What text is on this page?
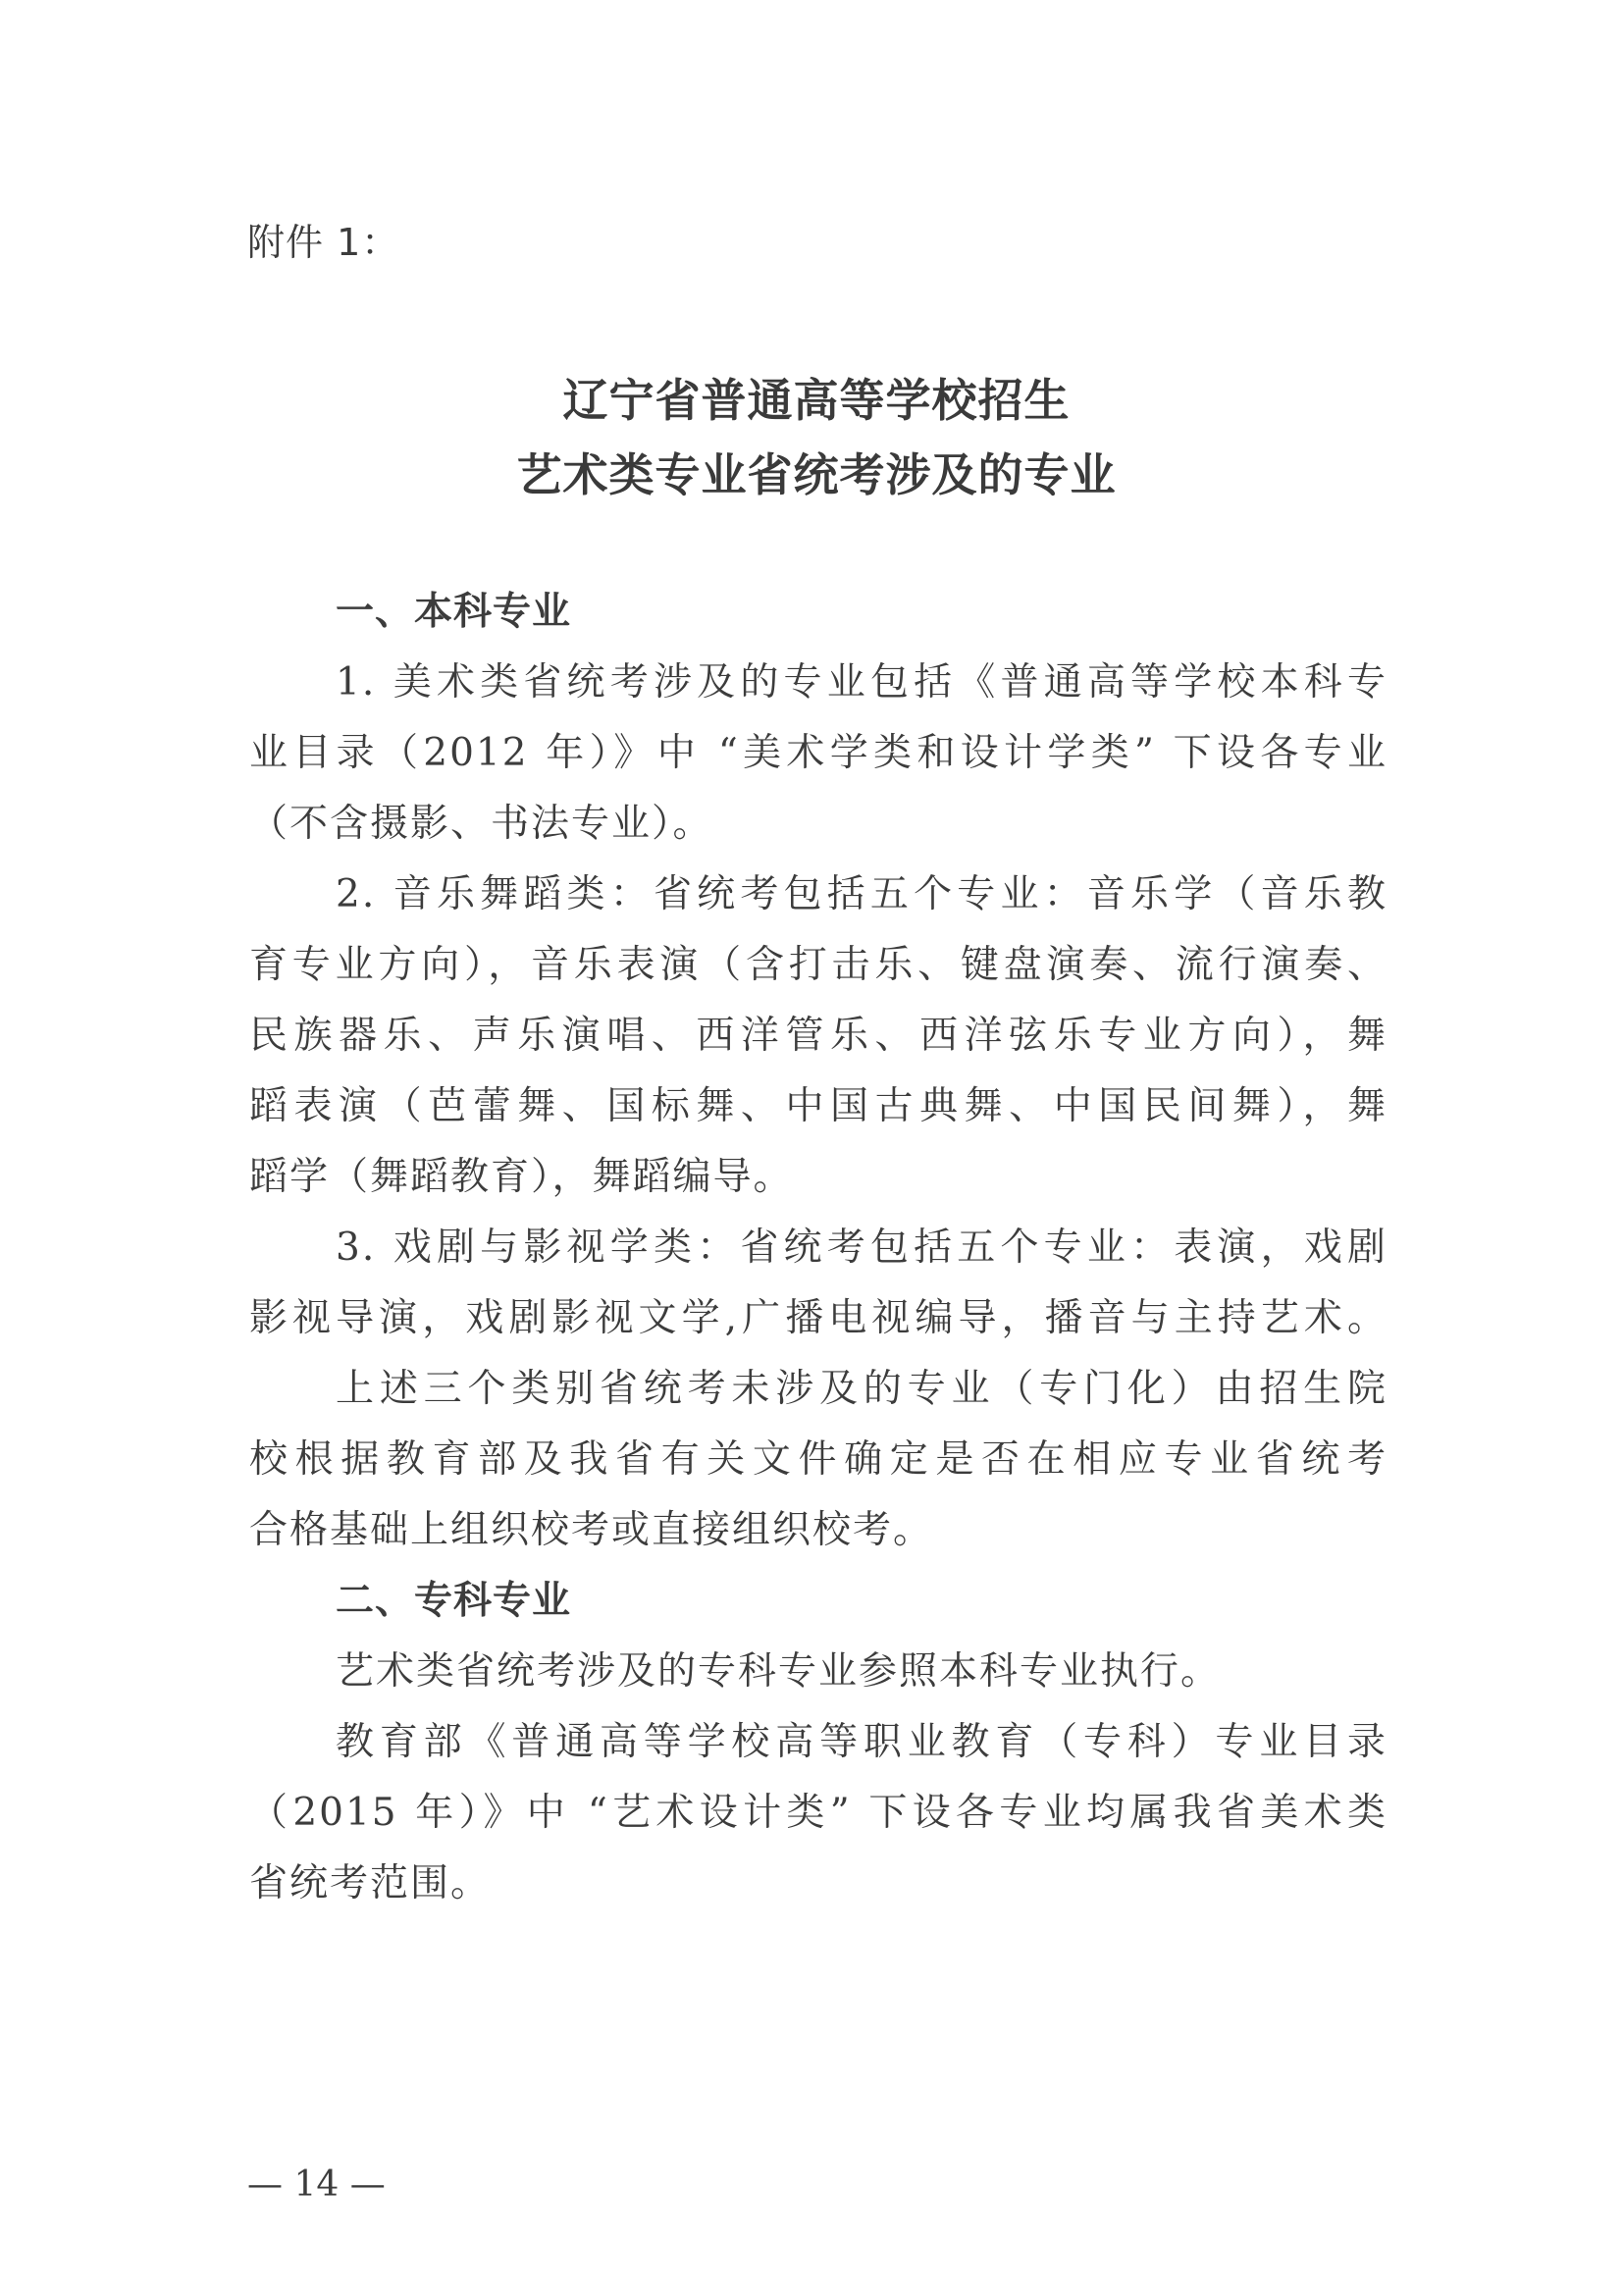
附件 1：
辽宁省普通高等学校招生
艺术类专业省统考涉及的专业
一、本科专业
1. 美术类省统考涉及的专业包括《普通高等学校本科专
业目录（2012 年）》中 “美术学类和设计学类” 下设各专业
（不含摄影、书法专业）。
2. 音乐舞蹈类：省统考包括五个专业：音乐学（音乐教
育专业方向），音乐表演（含打击乐、键盘演奏、流行演奏、
民族器乐、声乐演唱、西洋管乐、西洋弦乐专业方向），舞
蹈表演（芭蕾舞、国标舞、中国古典舞、中国民间舞），舞
蹈学（舞蹈教育），舞蹈编导。
3. 戏剧与影视学类：省统考包括五个专业：表演，戏剧
影视导演，戏剧影视文学,广播电视编导，播音与主持艺术。
上述三个类别省统考未涉及的专业（专门化）由招生院
校根据教育部及我省有关文件确定是否在相应专业省统考
合格基础上组织校考或直接组织校考。
二、专科专业
艺术类省统考涉及的专科专业参照本科专业执行。
教育部《普通高等学校高等职业教育（专科）专业目录
（2015 年）》中 “艺术设计类” 下设各专业均属我省美术类
省统考范围。
— 14 —
